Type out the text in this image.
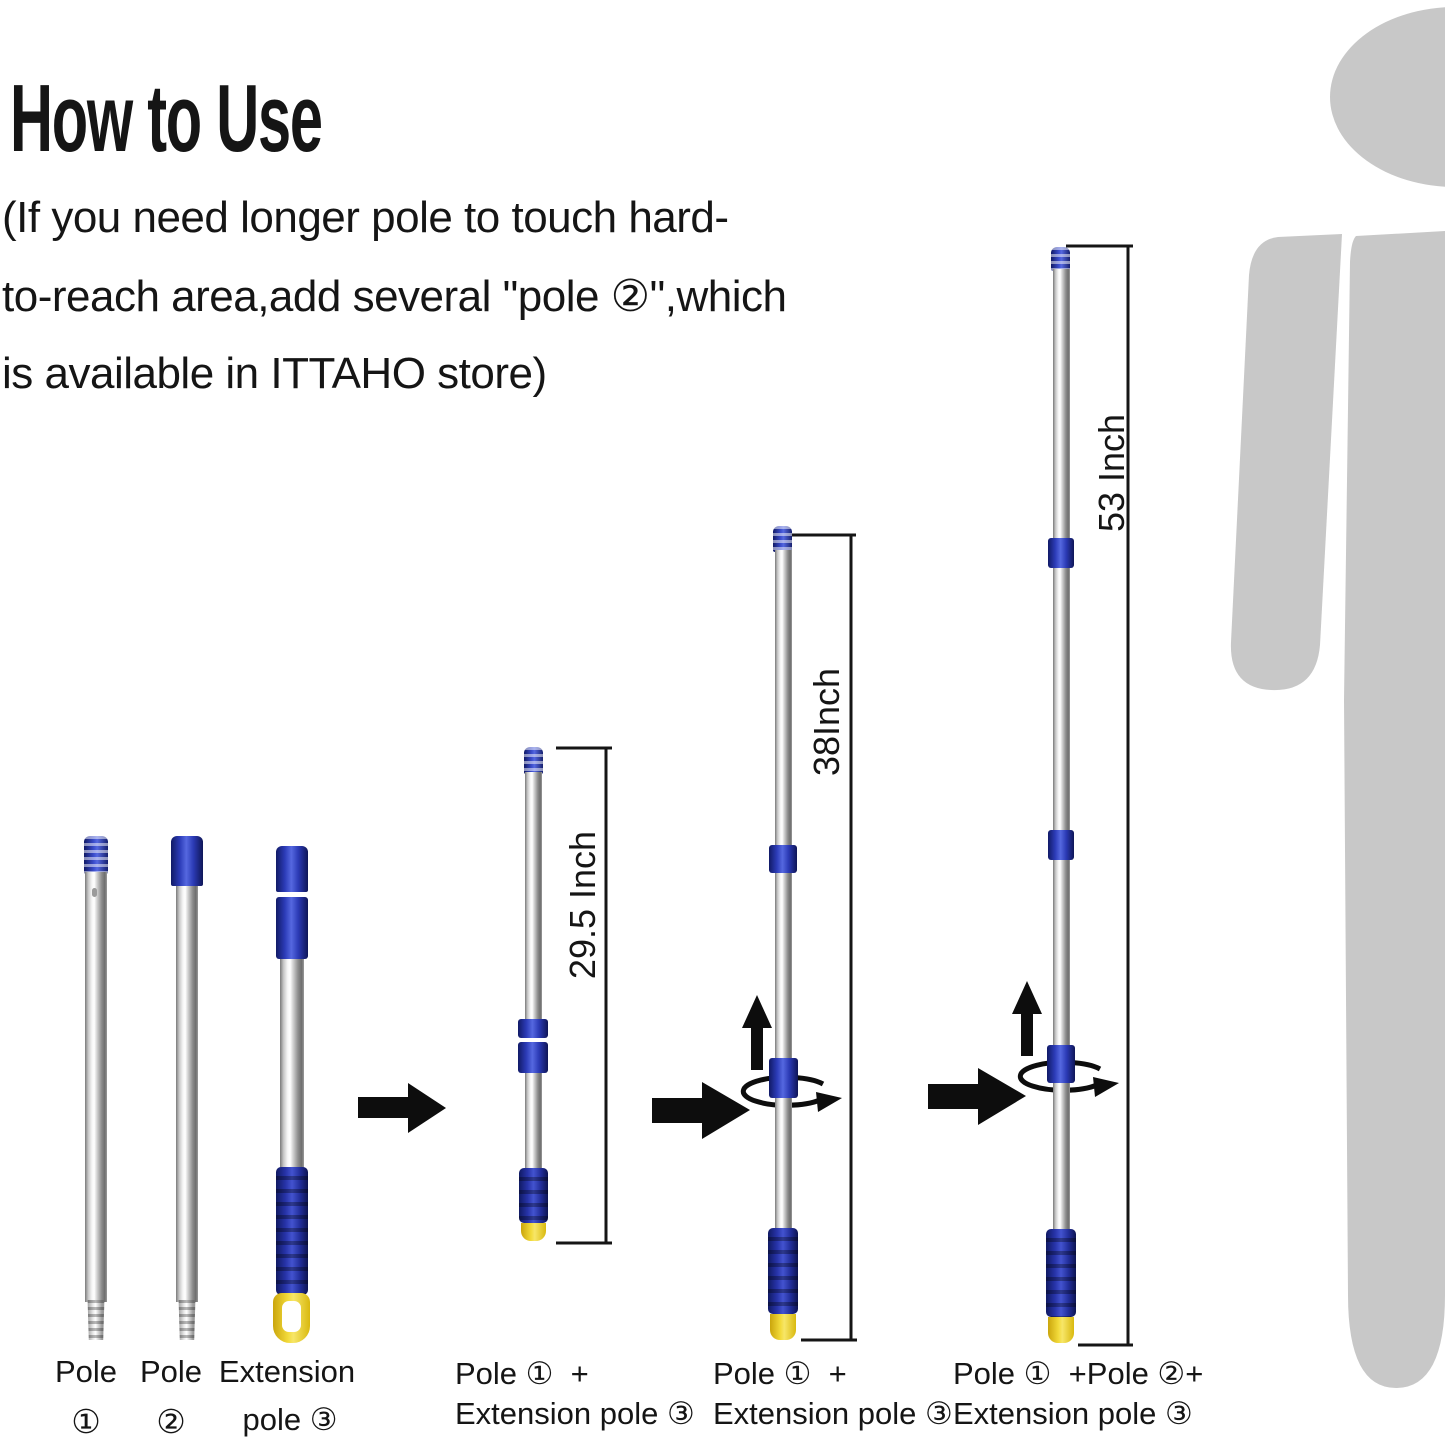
How to Use
(If you need longer pole to touch hard-
to-reach area,add several "pole ②",which
is available in ITTAHO store)
29.5 Inch
38Inch
53 Inch
Pole
①
Pole
②
Extension
pole ③
Pole ①  +
Extension pole ③
Pole ①  +
Extension pole ③
Pole ①  +Pole ②+
Extension pole ③
